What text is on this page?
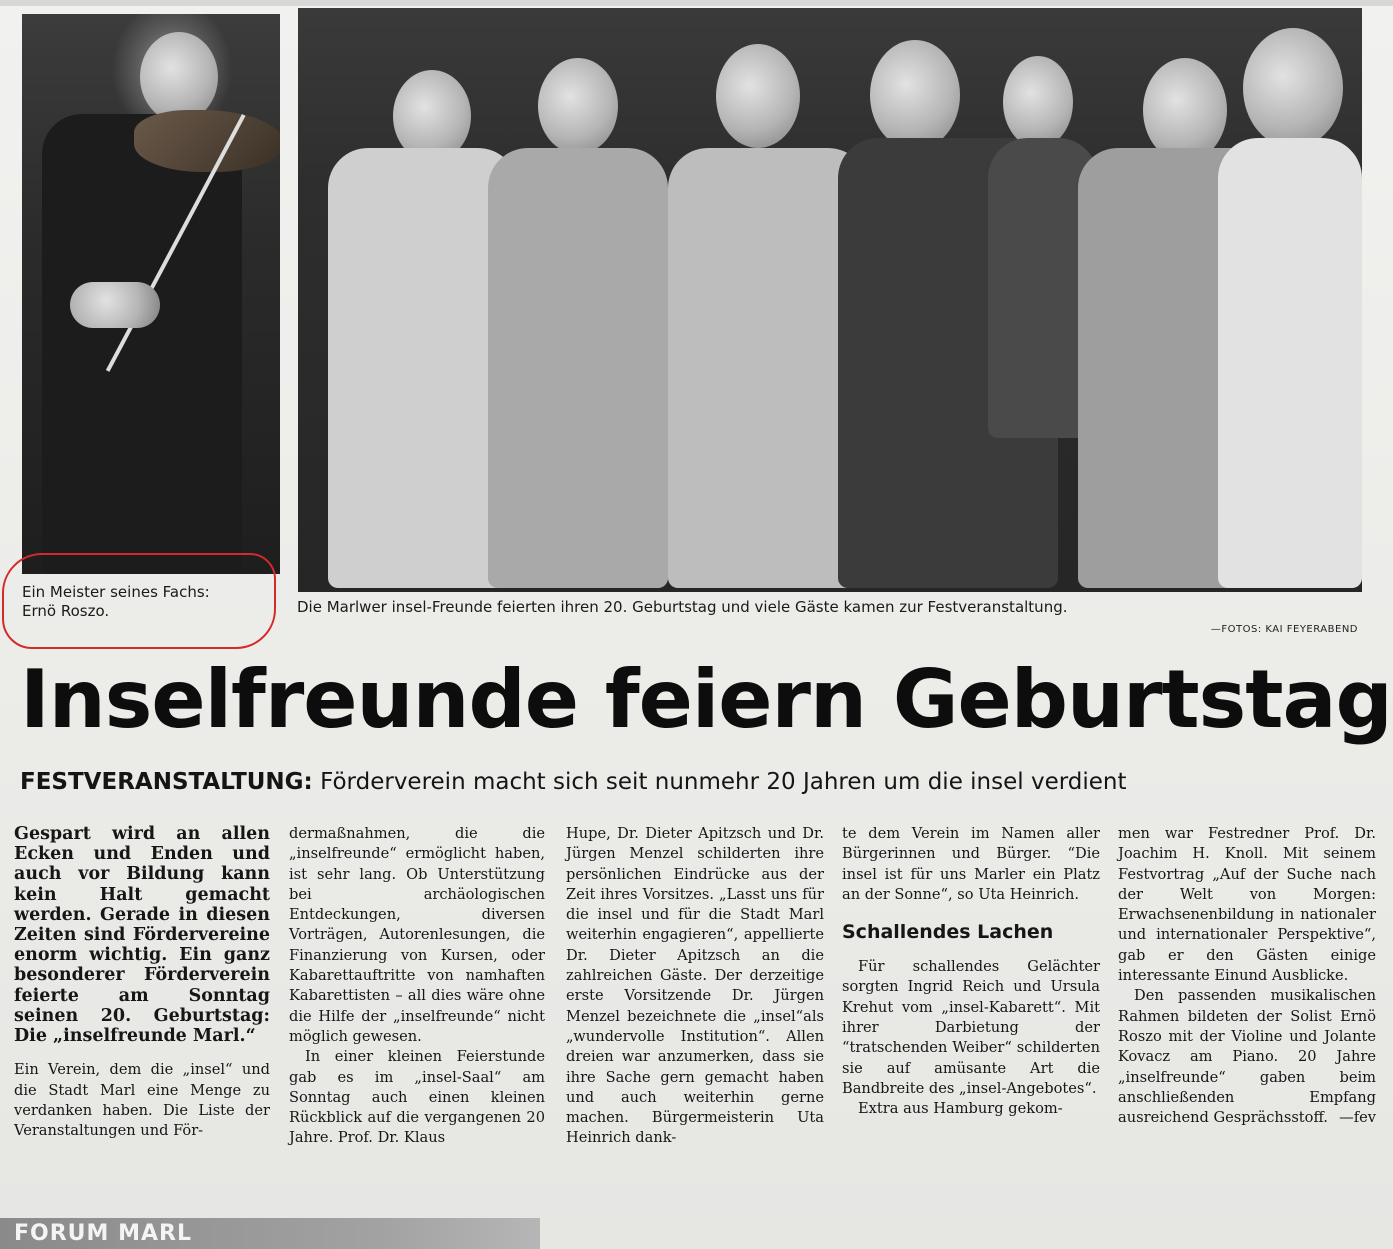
Ein Meister seines Fachs:
Ernö Roszo.	Die Marlwer insel-Freunde feierten ihren 20. Geburtstag und viele Gäste kamen zur Festveranstaltung.
—FOTOS: KAI FEYERABEND
Inselfreunde feiern Geburtstag
FESTVERANSTALTUNG: Förderverein macht sich seit nunmehr 20 Jahren um die insel verdient

Gespart wird an allen Ecken und Enden und auch vor Bildung kann kein Halt gemacht werden. Gerade in diesen Zeiten sind Fördervereine enorm wichtig. Ein ganz besonderer Förderverein feierte am Sonntag seinen 20. Geburtstag: Die „inselfreunde Marl.“

Ein Verein, dem die „insel“ und die Stadt Marl eine Menge zu verdanken haben. Die Liste der Veranstaltungen und För-

dermaßnahmen, die die „inselfreunde“ ermöglicht haben, ist sehr lang. Ob Unterstützung bei archäologischen Entdeckungen, diversen Vorträgen, Autorenlesungen, die Finanzierung von Kursen, oder Kabarettauftritte von namhaften Kabarettisten – all dies wäre ohne die Hilfe der „inselfreunde“ nicht möglich gewesen.

In einer kleinen Feierstunde gab es im „insel-Saal“ am Sonntag auch einen kleinen Rückblick auf die vergangenen 20 Jahre. Prof. Dr. Klaus

Hupe, Dr. Dieter Apitzsch und Dr. Jürgen Menzel schilderten ihre persönlichen Eindrücke aus der Zeit ihres Vorsitzes. „Lasst uns für die insel und für die Stadt Marl weiterhin engagieren“, appellierte Dr. Dieter Apitzsch an die zahlreichen Gäste. Der derzeitige erste Vorsitzende Dr. Jürgen Menzel bezeichnete die „insel“als „wundervolle Institution“. Allen dreien war anzumerken, dass sie ihre Sache gern gemacht haben und auch weiterhin gerne machen. Bürgermeisterin Uta Heinrich dank-

te dem Verein im Namen aller Bürgerinnen und Bürger. “Die insel ist für uns Marler ein Platz an der Sonne“, so Uta Heinrich.

Schallendes Lachen

Für schallendes Gelächter sorgten Ingrid Reich und Ursula Krehut vom „insel-Kabarett“. Mit ihrer Darbietung der “tratschenden Weiber“ schilderten sie auf amüsante Art die Bandbreite des „insel-Angebotes“.

Extra aus Hamburg gekom-

men war Festredner Prof. Dr. Joachim H. Knoll. Mit seinem Festvortrag „Auf der Suche nach der Welt von Morgen: Erwachsenenbildung in nationaler und internationaler Perspektive“, gab er den Gästen einige interessante Einund Ausblicke.

Den passenden musikalischen Rahmen bildeten der Solist Ernö Roszo mit der Violine und Jolante Kovacz am Piano. 20 Jahre „inselfreunde“ gaben beim anschließenden Empfang ausreichend Gesprächsstoff. —fev

FORUM MARL
